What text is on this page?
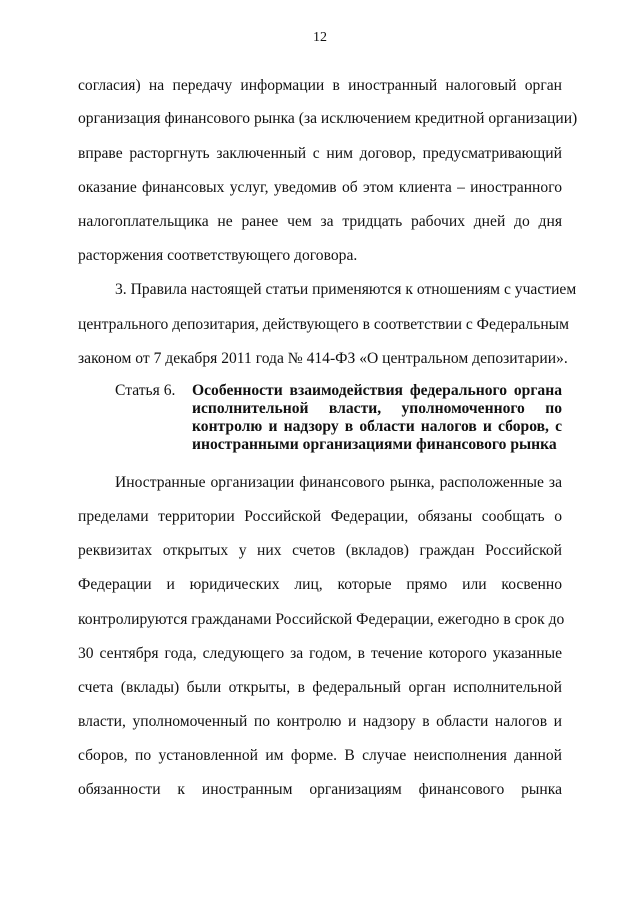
12
согласия) на передачу информации в иностранный налоговый орган
организация финансового рынка (за исключением кредитной организации)
вправе расторгнуть заключенный с ним договор, предусматривающий
оказание финансовых услуг, уведомив об этом клиента – иностранного
налогоплательщика не ранее чем за тридцать рабочих дней до дня
расторжения соответствующего договора.
3. Правила настоящей статьи применяются к отношениям с участием
центрального депозитария, действующего в соответствии с Федеральным
законом от 7 декабря 2011 года № 414-ФЗ «О центральном депозитарии».
Статья 6. Особенности взаимодействия федерального органа
исполнительной власти, уполномоченного по
контролю и надзору в области налогов и сборов, с
иностранными организациями финансового рынка
Иностранные организации финансового рынка, расположенные за
пределами территории Российской Федерации, обязаны сообщать о
реквизитах открытых у них счетов (вкладов) граждан Российской
Федерации и юридических лиц, которые прямо или косвенно
контролируются гражданами Российской Федерации, ежегодно в срок до
30 сентября года, следующего за годом, в течение которого указанные
счета (вклады) были открыты, в федеральный орган исполнительной
власти, уполномоченный по контролю и надзору в области налогов и
сборов, по установленной им форме. В случае неисполнения данной
обязанности к иностранным организациям финансового рынка
